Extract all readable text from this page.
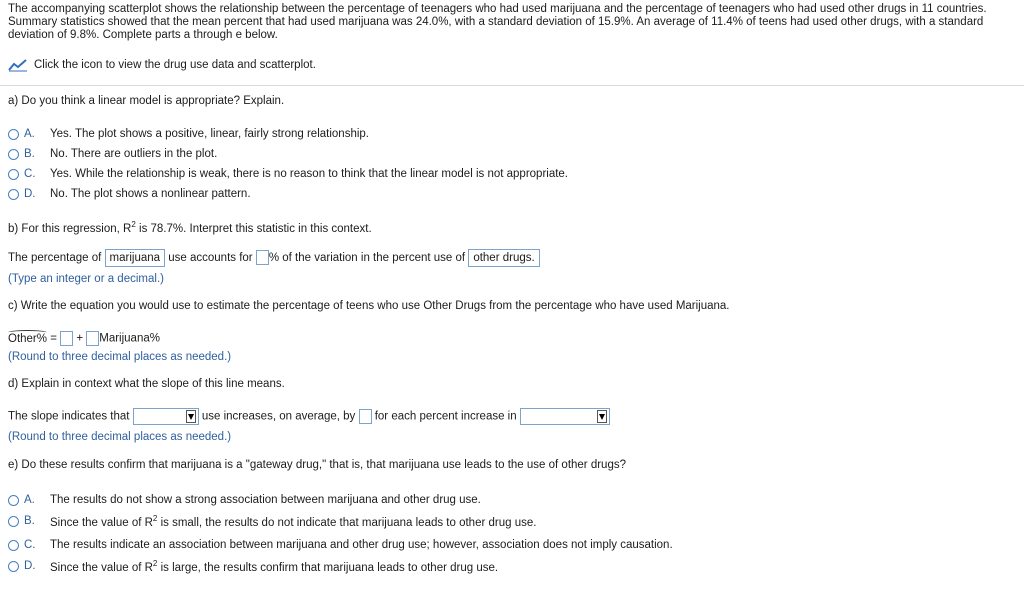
The accompanying scatterplot shows the relationship between the percentage of teenagers who had used marijuana and the percentage of teenagers who had used other drugs in 11 countries. Summary statistics showed that the mean percent that had used marijuana was 24.0%, with a standard deviation of 15.9%. An average of 11.4% of teens had used other drugs, with a standard deviation of 9.8%. Complete parts a through e below.
Click the icon to view the drug use data and scatterplot.
a) Do you think a linear model is appropriate? Explain.
A.	Yes. The plot shows a positive, linear, fairly strong relationship.
B.	No. There are outliers in the plot.
C.	Yes. While the relationship is weak, there is no reason to think that the linear model is not appropriate.
D.	No. The plot shows a nonlinear pattern.
b) For this regression, $R^2$ is 78.7%. Interpret this statistic in this context.
The percentage of marijuana use accounts for % of the variation in the percent use of other drugs.
(Type an integer or a decimal.)
c) Write the equation you would use to estimate the percentage of teens who use Other Drugs from the percentage who have used Marijuana.
Other% = + Marijuana%
(Round to three decimal places as needed.)
d) Explain in context what the slope of this line means.
The slope indicates that	use increases, on average, by for each percent increase in
(Round to three decimal places as needed.)
e) Do these results confirm that marijuana is a "gateway drug," that is, that marijuana use leads to the use of other drugs?
A.	The results do not show a strong association between marijuana and other drug use.
B.	Since the value of $R^2$ is small, the results do not indicate that marijuana leads to other drug use.
C.	The results indicate an association between marijuana and other drug use; however, association does not imply causation.
D.	Since the value of $R^2$ is large, the results confirm that marijuana leads to other drug use.
